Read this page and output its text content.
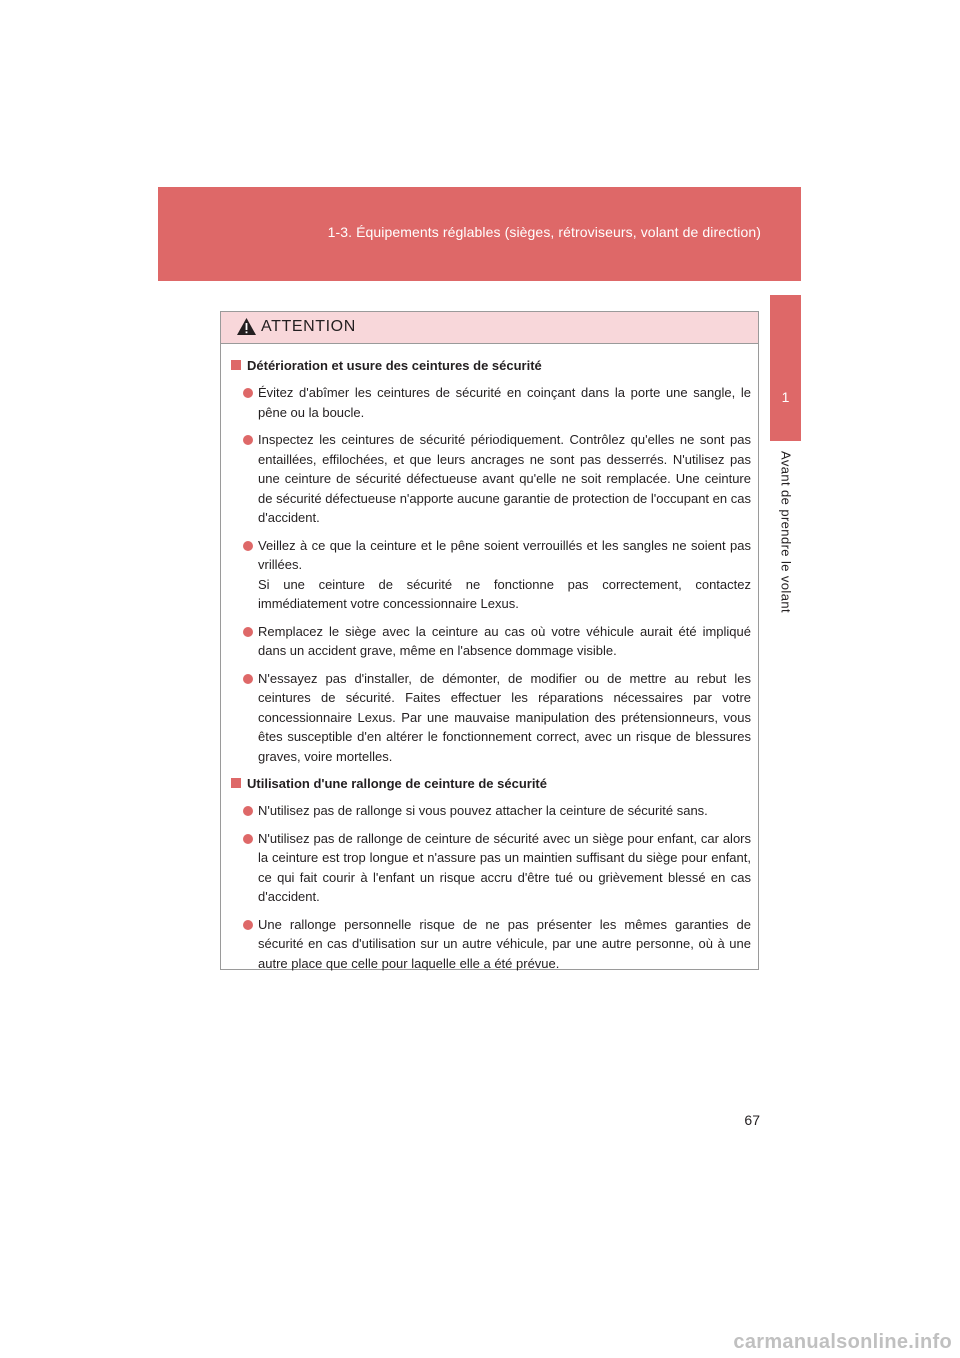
1-3. Équipements réglables (sièges, rétroviseurs, volant de direction)
1
Avant de prendre le volant
ATTENTION
Détérioration et usure des ceintures de sécurité

Évitez d'abîmer les ceintures de sécurité en coinçant dans la porte une sangle, le pêne ou la boucle.

Inspectez les ceintures de sécurité périodiquement. Contrôlez qu'elles ne sont pas entaillées, effilochées, et que leurs ancrages ne sont pas desserrés. N'utilisez pas une ceinture de sécurité défectueuse avant qu'elle ne soit remplacée. Une ceinture de sécurité défectueuse n'apporte aucune garantie de protection de l'occupant en cas d'accident.

Veillez à ce que la ceinture et le pêne soient verrouillés et les sangles ne soient pas vrillées.

Si une ceinture de sécurité ne fonctionne pas correctement, contactez immédiatement votre concessionnaire Lexus.

Remplacez le siège avec la ceinture au cas où votre véhicule aurait été impliqué dans un accident grave, même en l'absence dommage visible.

N'essayez pas d'installer, de démonter, de modifier ou de mettre au rebut les ceintures de sécurité. Faites effectuer les réparations nécessaires par votre concessionnaire Lexus. Par une mauvaise manipulation des prétensionneurs, vous êtes susceptible d'en altérer le fonctionnement correct, avec un risque de blessures graves, voire mortelles.

Utilisation d'une rallonge de ceinture de sécurité

N'utilisez pas de rallonge si vous pouvez attacher la ceinture de sécurité sans.

N'utilisez pas de rallonge de ceinture de sécurité avec un siège pour enfant, car alors la ceinture est trop longue et n'assure pas un maintien suffisant du siège pour enfant, ce qui fait courir à l'enfant un risque accru d'être tué ou grièvement blessé en cas d'accident.

Une rallonge personnelle risque de ne pas présenter les mêmes garanties de sécurité en cas d'utilisation sur un autre véhicule, par une autre personne, où à une autre place que celle pour laquelle elle a été prévue.

67
carmanualsonline.info
